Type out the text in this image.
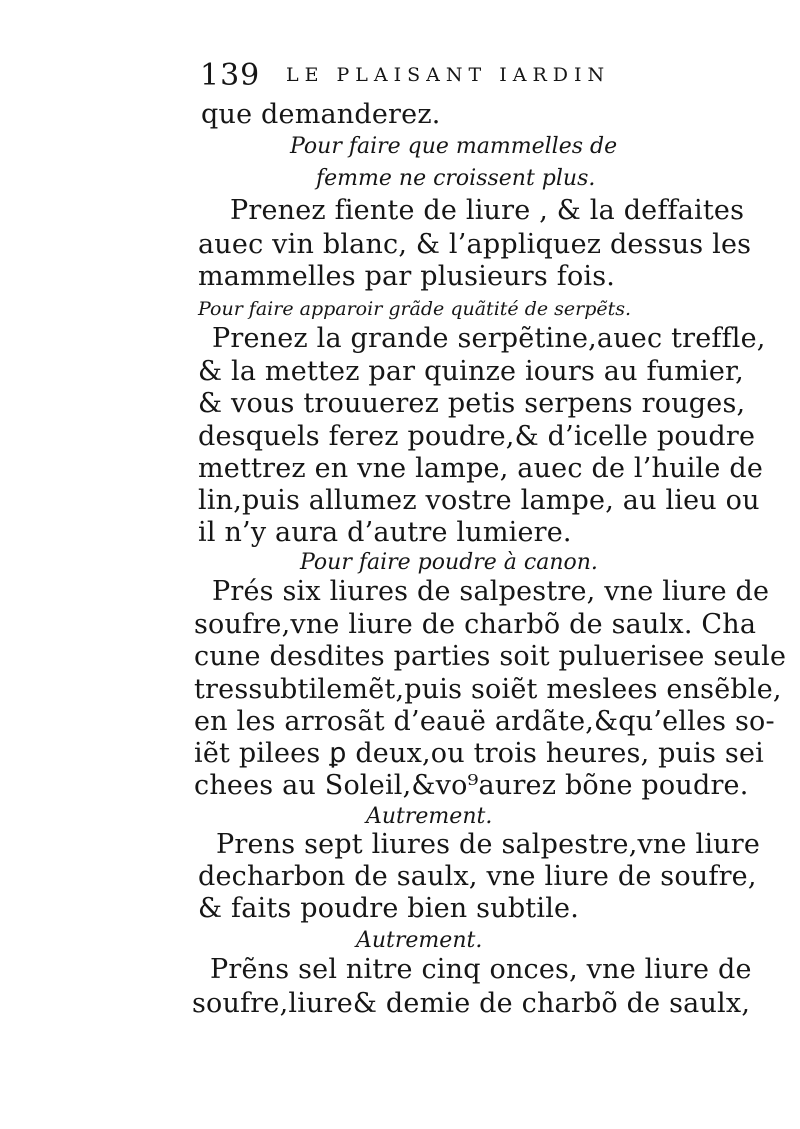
139 LE PLAISANT IARDIN
que demanderez.
Pour faire que mammelles de
femme ne croissent plus.
Prenez fiente de liure , & la deffaites
auec vin blanc, & l’appliquez dessus les
mammelles par plusieurs fois.
Pour faire apparoir grãde quãtité de serpẽts.
Prenez la grande serpẽtine,auec treffle,
& la mettez par quinze iours au fumier,
& vous trouuerez petis serpens rouges,
desquels ferez poudre,& d’icelle poudre
mettrez en vne lampe, auec de l’huile de
lin,puis allumez vostre lampe, au lieu ou
il n’y aura d’autre lumiere.
Pour faire poudre à canon.
Prés six liures de salpestre, vne liure de
soufre,vne liure de charbõ de saulx. Cha
cune desdites parties soit puluerisee seule
tressubtilemẽt,puis soiẽt meslees ensẽble,
en les arrosãt d’eauë ardãte,&qu’elles so-
iẽt pilees ꝑ deux,ou trois heures, puis sei
chees au Soleil,&vo⁹aurez bõne poudre.
Autrement.
Prens sept liures de salpestre,vne liure
decharbon de saulx, vne liure de soufre,
& faits poudre bien subtile.
Autrement.
Prẽns sel nitre cinq onces, vne liure de
soufre,liure& demie de charbõ de saulx,
